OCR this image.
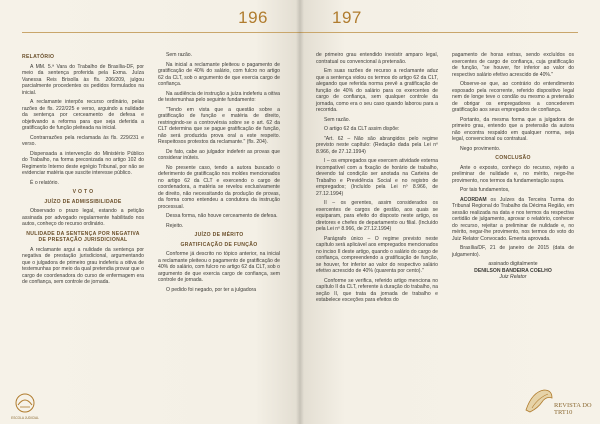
196

RELATÓRIO

A MM. 5.ª Vara do Trabalho de Brasília-DF, por meio da sentença proferida pela Exma. Juíza Vanessa Reis Brisolla às fls. 206/209, julgou parcialmente procedentes os pedidos formulados na inicial.

A reclamante interpôs recurso ordinário, pelas razões de fls. 222/225 e verso, arguindo a nulidade da sentença por cerceamento de defesa e objetivando a reforma para que seja deferida a gratificação de função pleiteada na inicial.

Contrarrazões pela reclamada às fls. 229/231 e verso.

Dispensada a intervenção do Ministério Público do Trabalho, na forma preconizada no artigo 102 do Regimento Interno deste egrégio Tribunal, por não se evidenciar matéria que suscite interesse público.

É o relatório.

V O T O

JUÍZO DE ADMISSIBILIDADE

Observado o prazo legal, estando a petição assinada por advogado regularmente habilitado nos autos, conheço do recurso ordinário.

NULIDADE DA SENTENÇA POR NEGATIVA DE PRESTAÇÃO JURISDICIONAL

A reclamante argui a nulidade da sentença por negativa de prestação jurisdicional, argumentando que o julgadora de primeiro grau indeferiu a oitiva de testemunhas por meio da qual pretendia provar que o cargo de coordenadora do curso de enfermagem era de confiança, sem controle de jornada.

Sem razão.

Na inicial a reclamante pleiteou o pagamento de gratificação de 40% do salário, com fulcro no artigo 62 da CLT, sob o argumento de que exercia cargo de confiança.

Na audiência de instrução a juíza indeferiu a oitiva de testemunhas pelo seguinte fundamento:

"Tendo em vista que a questão sobre a gratificação de função e matéria de direito, restringindo-se a controvérsia sobre se o art. 62 da CLT determina que se pague gratificação de função, não será produzida prova oral a este respeito. Respeitosos protestos da reclamante." (fls. 204).

De fato, cabe ao julgador indeferir as provas que considerar inúteis.

No presente caso, tendo a autora buscado o deferimento de gratificação nos moldes mencionados no artigo 62 da CLT e exercendo o cargo de coordenadora, a matéria se revelou exclusivamente de direito, não necessitando da produção de provas, da forma como entendeu a condutora da instrução processual.

Dessa forma, não houve cerceamento de defesa.

Rejeito.

JUÍZO DE MÉRITO

GRATIFICAÇÃO DE FUNÇÃO

Conforme já descrito no tópico anterior, na inicial a reclamante pleiteou o pagamento de gratificação de 40% do salário, com fulcro no artigo 62 da CLT, sob o argumento de que exercia cargo de confiança, sem controle de jornada.

O pedido foi negado, por ter a julgadora

ESCOLA JUDICIAL
197

de primeiro grau entendido inexistir amparo legal, contratual ou convencional à pretensão.

Em suas razões de recurso a reclamante aduz que a sentença violou os termos do artigo 62 da CLT, alegando que referida norma prevê a gratificação de função de 40% do salário para os exercentes de cargo de confiança, sem qualquer controle da jornada, como era o seu caso quando laborou para a recorrida.

Sem razão.

O artigo 62 da CLT assim dispõe:

"Art. 62 – Não são abrangidos pelo regime previsto neste capítulo: (Redação dada pela Lei nº 8.966, de 27.12.1994)

I – os empregados que exercem atividade externa incompatível com a fixação de horário de trabalho, devendo tal condição ser anotada na Carteira de Trabalho e Previdência Social e no registro de empregados; (Incluído pela Lei nº 8.966, de 27.12.1994)

II – os gerentes, assim considerados os exercentes de cargos de gestão, aos quais se equiparam, para efeito do disposto neste artigo, os diretores e chefes de departamento ou filial. (Incluído pela Lei nº 8.966, de 27.12.1994)

Parágrafo único – O regime previsto neste capítulo será aplicável aos empregados mencionados no inciso II deste artigo, quando o salário do cargo de confiança, compreendendo a gratificação de função, se houver, for inferior ao valor do respectivo salário efetivo acrescido de 40% (quarenta por cento)."

Conforme se verifica, referido artigo menciona no capítulo II da CLT, referente à duração do trabalho, na seção II, que trata da jornada de trabalho e estabelece exceções para efeitos do

pagamento de horas extras, sendo excluídos os exercentes de cargo de confiança, cuja gratificação de função, "se houver, for inferior ao valor do respectivo salário efetivo acrescido de 40%."

Observe-se que, ao contrário do entendimento esposado pela recorrente, referido dispositivo legal nem de longe teve o condão ou mesmo a pretensão de obrigar os empregadores a concederem gratificação aos seus empregados de confiança.

Portanto, da mesma forma que a julgadora de primeiro grau, entendo que a pretensão da autora não encontra respaldo em qualquer norma, seja legal, convencional ou contratual.

Nego provimento.

CONCLUSÃO

Ante o exposto, conheço do recurso, rejeito a preliminar de nulidade e, no mérito, nego-lhe provimento, nos termos da fundamentação supra.

Por tais fundamentos,

ACORDAM os Juízes da Terceira Turma do Tribunal Regional do Trabalho da Décima Região, em sessão realizada na data e nos termos da respectiva certidão de julgamento, aprovar o relatório, conhecer do recurso, rejeitar a preliminar de nulidade e, no mérito, negar-lhe provimento, nos termos do voto do Juiz Relator Convocado. Ementa aprovada.

Brasília/DF, 21 de janeiro de 2015 (data de julgamento).

assinado digitalmente
DENILSON BANDEIRA COELHO
Juiz Relator

REVISTA DO TRT10
